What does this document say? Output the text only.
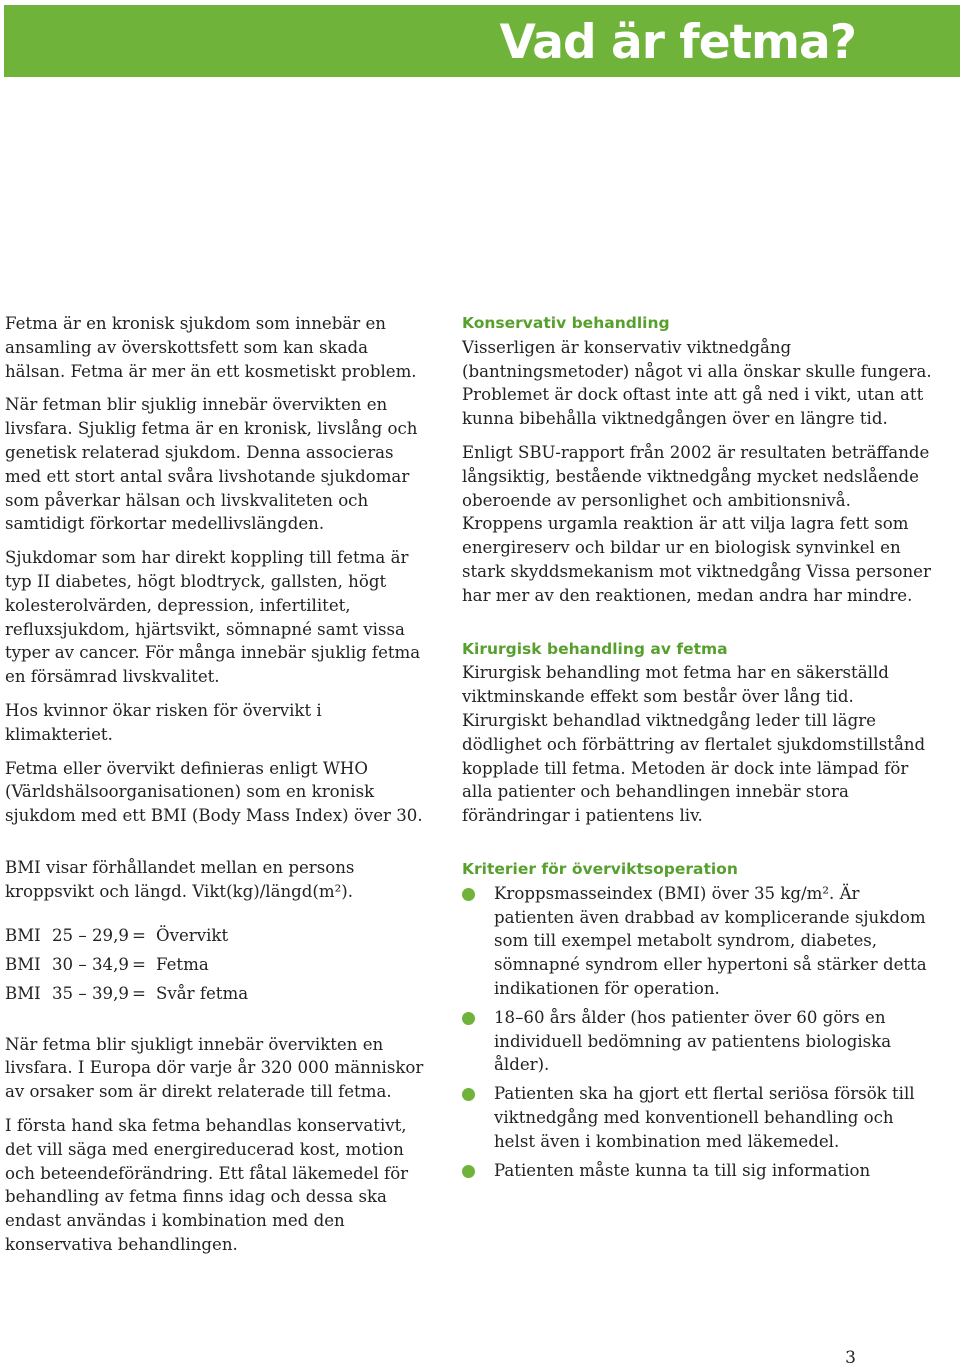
Vad är fetma?

Fetma är en kronisk sjukdom som innebär en ansamling av överskottsfett som kan skada hälsan. Fetma är mer än ett kosmetiskt problem.

När fetman blir sjuklig innebär övervikten en livsfara. Sjuklig fetma är en kronisk, livslång och genetisk relaterad sjukdom. Denna associeras med ett stort antal svåra livshotande sjukdomar som påverkar hälsan och livskvaliteten och samtidigt förkortar medellivslängden.

Sjukdomar som har direkt koppling till fetma är typ II diabetes, högt blodtryck, gallsten, högt kolesterolvärden, depression, infertilitet, refluxsjukdom, hjärtsvikt, sömnapné samt vissa typer av cancer. För många innebär sjuklig fetma en försämrad livskvalitet.

Hos kvinnor ökar risken för övervikt i klimakteriet.

Fetma eller övervikt definieras enligt WHO (Världshälsoorganisationen) som en kronisk sjukdom med ett BMI (Body Mass Index) över 30.

BMI visar förhållandet mellan en persons kroppsvikt och längd. Vikt(kg)/längd(m²).

BMI	25 – 29,9	=	Övervikt
BMI	30 – 34,9	=	Fetma
BMI	35 – 39,9	=	Svår fetma

När fetma blir sjukligt innebär övervikten en livsfara. I Europa dör varje år 320 000 människor av orsaker som är direkt relaterade till fetma.

I första hand ska fetma behandlas konservativt, det vill säga med energireducerad kost, motion och beteendeförändring. Ett fåtal läkemedel för behandling av fetma finns idag och dessa ska endast användas i kombination med den konservativa behandlingen.

Konservativ behandling

Visserligen är konservativ viktnedgång (bantningsmetoder) något vi alla önskar skulle fungera. Problemet är dock oftast inte att gå ned i vikt, utan att kunna bibehålla viktnedgången över en längre tid.

Enligt SBU-rapport från 2002 är resultaten beträffande långsiktig, bestående viktnedgång mycket nedslående oberoende av personlighet och ambitionsnivå. Kroppens urgamla reaktion är att vilja lagra fett som energireserv och bildar ur en biologisk synvinkel en stark skyddsmekanism mot viktnedgång Vissa personer har mer av den reaktionen, medan andra har mindre.

Kirurgisk behandling av fetma

Kirurgisk behandling mot fetma har en säkerställd viktminskande effekt som består över lång tid. Kirurgiskt behandlad viktnedgång leder till lägre dödlighet och förbättring av flertalet sjukdomstillstånd kopplade till fetma. Metoden är dock inte lämpad för alla patienter och behandlingen innebär stora förändringar i patientens liv.

Kriterier för överviktsoperation
Kroppsmasseindex (BMI) över 35 kg/m². Är patienten även drabbad av komplicerande sjukdom som till exempel metabolt syndrom, diabetes, sömnapné syndrom eller hypertoni så stärker detta indikationen för operation.
18–60 års ålder (hos patienter över 60 görs en individuell bedömning av patientens biologiska ålder).
Patienten ska ha gjort ett flertal seriösa försök till viktnedgång med konventionell behandling och helst även i kombination med läkemedel.
Patienten måste kunna ta till sig information
3
